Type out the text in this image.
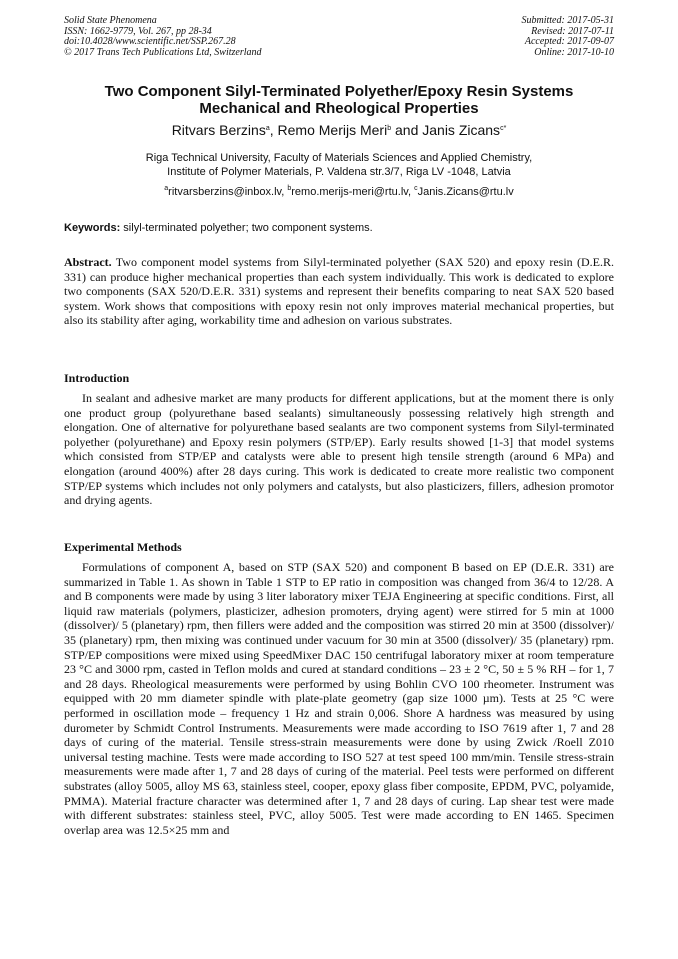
Solid State Phenomena
ISSN: 1662-9779, Vol. 267, pp 28-34
doi:10.4028/www.scientific.net/SSP.267.28
© 2017 Trans Tech Publications Ltd, Switzerland
Submitted: 2017-05-31
Revised: 2017-07-11
Accepted: 2017-09-07
Online: 2017-10-10
Two Component Silyl-Terminated Polyether/Epoxy Resin Systems Mechanical and Rheological Properties
Ritvars Berzins$^a$, Remo Merijs Meri$^b$ and Janis Zicans$^{c*}$
Riga Technical University, Faculty of Materials Sciences and Applied Chemistry,
Institute of Polymer Materials, P. Valdena str.3/7, Riga LV -1048, Latvia
$^a$ritvarsberzins@inbox.lv, $^b$remo.merijs-meri@rtu.lv, $^c$Janis.Zicans@rtu.lv
Keywords: silyl-terminated polyether; two component systems.
Abstract. Two component model systems from Silyl-terminated polyether (SAX 520) and epoxy resin (D.E.R. 331) can produce higher mechanical properties than each system individually. This work is dedicated to explore two components (SAX 520/D.E.R. 331) systems and represent their benefits comparing to neat SAX 520 based system. Work shows that compositions with epoxy resin not only improves material mechanical properties, but also its stability after aging, workability time and adhesion on various substrates.
Introduction
In sealant and adhesive market are many products for different applications, but at the moment there is only one product group (polyurethane based sealants) simultaneously possessing relatively high strength and elongation. One of alternative for polyurethane based sealants are two component systems from Silyl-terminated polyether (polyurethane) and Epoxy resin polymers (STP/EP). Early results showed [1-3] that model systems which consisted from STP/EP and catalysts were able to present high tensile strength (around 6 MPa) and elongation (around 400%) after 28 days curing. This work is dedicated to create more realistic two component STP/EP systems which includes not only polymers and catalysts, but also plasticizers, fillers, adhesion promotor and drying agents.
Experimental Methods
Formulations of component A, based on STP (SAX 520) and component B based on EP (D.E.R. 331) are summarized in Table 1. As shown in Table 1 STP to EP ratio in composition was changed from 36/4 to 12/28. A and B components were made by using 3 liter laboratory mixer TEJA Engineering at specific conditions. First, all liquid raw materials (polymers, plasticizer, adhesion promoters, drying agent) were stirred for 5 min at 1000 (dissolver)/ 5 (planetary) rpm, then fillers were added and the composition was stirred 20 min at 3500 (dissolver)/ 35 (planetary) rpm, then mixing was continued under vacuum for 30 min at 3500 (dissolver)/ 35 (planetary) rpm. STP/EP compositions were mixed using SpeedMixer DAC 150 centrifugal laboratory mixer at room temperature 23 °C and 3000 rpm, casted in Teflon molds and cured at standard conditions – 23 ± 2 °C, 50 ± 5 % RH – for 1, 7 and 28 days. Rheological measurements were performed by using Bohlin CVO 100 rheometer. Instrument was equipped with 20 mm diameter spindle with plate-plate geometry (gap size 1000 µm). Tests at 25 °C were performed in oscillation mode – frequency 1 Hz and strain 0,006. Shore A hardness was measured by using durometer by Schmidt Control Instruments. Measurements were made according to ISO 7619 after 1, 7 and 28 days of curing of the material. Tensile stress-strain measurements were done by using Zwick /Roell Z010 universal testing machine. Tests were made according to ISO 527 at test speed 100 mm/min. Tensile stress-strain measurements were made after 1, 7 and 28 days of curing of the material. Peel tests were performed on different substrates (alloy 5005, alloy MS 63, stainless steel, cooper, epoxy glass fiber composite, EPDM, PVC, polyamide, PMMA). Material fracture character was determined after 1, 7 and 28 days of curing. Lap shear test were made with different substrates: stainless steel, PVC, alloy 5005. Test were made according to EN 1465. Specimen overlap area was 12.5×25 mm and
